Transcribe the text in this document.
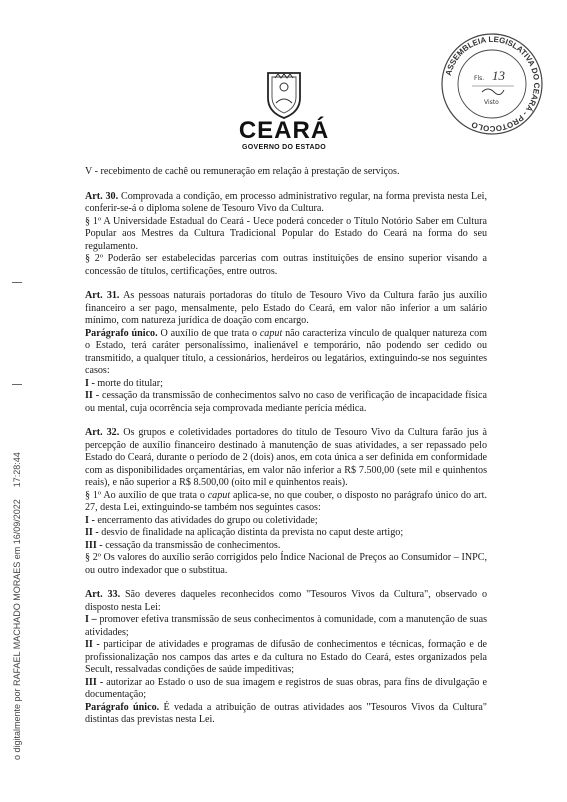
ASSEMBLEIA LEGISLATIVA DO CEARÁ - PROTOCOLO
Fls. 13
Visto
CEARÁ
GOVERNO DO ESTADO
o digitalmente por RAFAEL MACHADO MORAES em 16/09/202217:28:44

V - recebimento de cachê ou remuneração em relação à prestação de serviços.

Art. 30. Comprovada a condição, em processo administrativo regular, na forma prevista nesta Lei, conferir-se-á o diploma solene de Tesouro Vivo da Cultura.

§ 1º A Universidade Estadual do Ceará - Uece poderá conceder o Título Notório Saber em Cultura Popular aos Mestres da Cultura Tradicional Popular do Estado do Ceará na forma do seu regulamento.

§ 2º Poderão ser estabelecidas parcerias com outras instituições de ensino superior visando a concessão de títulos, certificações, entre outros.

Art. 31. As pessoas naturais portadoras do título de Tesouro Vivo da Cultura farão jus auxílio financeiro a ser pago, mensalmente, pelo Estado do Ceará, em valor não inferior a um salário mínimo, com natureza jurídica de doação com encargo.

Parágrafo único. O auxílio de que trata o caput não caracteriza vínculo de qualquer natureza com o Estado, terá caráter personalíssimo, inalienável e temporário, não podendo ser cedido ou transmitido, a qualquer título, a cessionários, herdeiros ou legatários, extinguindo-se nos seguintes casos:

I - morte do titular;

II - cessação da transmissão de conhecimentos salvo no caso de verificação de incapacidade física ou mental, cuja ocorrência seja comprovada mediante perícia médica.

Art. 32. Os grupos e coletividades portadores do título de Tesouro Vivo da Cultura farão jus à percepção de auxílio financeiro destinado à manutenção de suas atividades, a ser repassado pelo Estado do Ceará, durante o período de 2 (dois) anos, em cota única a ser definida em conformidade com as disponibilidades orçamentárias, em valor não inferior a R$ 7.500,00 (sete mil e quinhentos reais), e não superior a R$ 8.500,00 (oito mil e quinhentos reais).

§ 1º Ao auxílio de que trata o caput aplica-se, no que couber, o disposto no parágrafo único do art. 27, desta Lei, extinguindo-se também nos seguintes casos:

I - encerramento das atividades do grupo ou coletividade;

II - desvio de finalidade na aplicação distinta da prevista no caput deste artigo;

III - cessação da transmissão de conhecimentos.

§ 2º Os valores do auxílio serão corrigidos pelo Índice Nacional de Preços ao Consumidor – INPC, ou outro indexador que o substitua.

Art. 33. São deveres daqueles reconhecidos como "Tesouros Vivos da Cultura", observado o disposto nesta Lei:

I – promover efetiva transmissão de seus conhecimentos à comunidade, com a manutenção de suas atividades;

II - participar de atividades e programas de difusão de conhecimentos e técnicas, formação e de profissionalização nos campos das artes e da cultura no Estado do Ceará, estes organizados pela Secult, ressalvadas condições de saúde impeditivas;

III - autorizar ao Estado o uso de sua imagem e registros de suas obras, para fins de divulgação e documentação;

Parágrafo único. É vedada a atribuição de outras atividades aos "Tesouros Vivos da Cultura" distintas das previstas nesta Lei.
